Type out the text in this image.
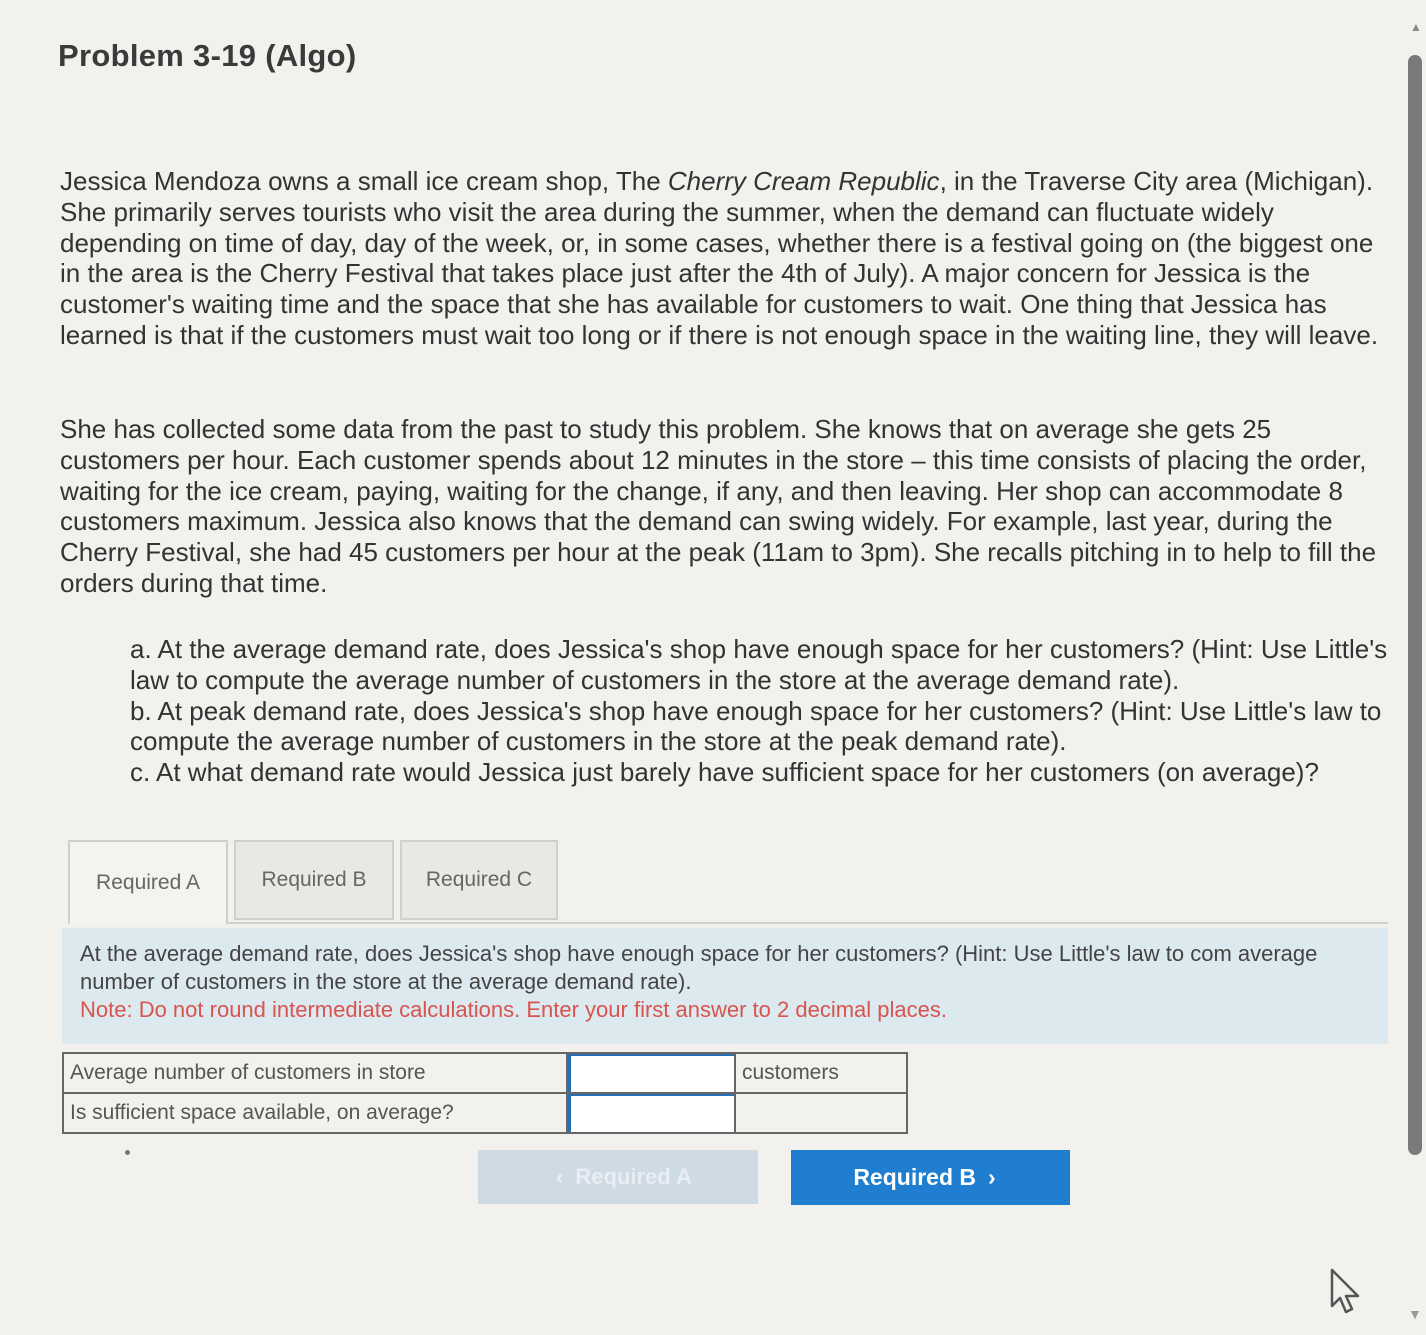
Problem 3-19 (Algo)
Jessica Mendoza owns a small ice cream shop, The Cherry Cream Republic, in the Traverse City area (Michigan). She primarily serves tourists who visit the area during the summer, when the demand can fluctuate widely depending on time of day, day of the week, or, in some cases, whether there is a festival going on (the biggest one in the area is the Cherry Festival that takes place just after the 4th of July). A major concern for Jessica is the customer's waiting time and the space that she has available for customers to wait. One thing that Jessica has learned is that if the customers must wait too long or if there is not enough space in the waiting line, they will leave.
She has collected some data from the past to study this problem. She knows that on average she gets 25 customers per hour. Each customer spends about 12 minutes in the store – this time consists of placing the order, waiting for the ice cream, paying, waiting for the change, if any, and then leaving. Her shop can accommodate 8 customers maximum. Jessica also knows that the demand can swing widely. For example, last year, during the Cherry Festival, she had 45 customers per hour at the peak (11am to 3pm). She recalls pitching in to help to fill the orders during that time.
a. At the average demand rate, does Jessica's shop have enough space for her customers? (Hint: Use Little's law to compute the average number of customers in the store at the average demand rate).
b. At peak demand rate, does Jessica's shop have enough space for her customers? (Hint: Use Little's law to compute the average number of customers in the store at the peak demand rate).
c. At what demand rate would Jessica just barely have sufficient space for her customers (on average)?
Required A	Required B	Required C
At the average demand rate, does Jessica's shop have enough space for her customers? (Hint: Use Little's law to com average number of customers in the store at the average demand rate).
Note: Do not round intermediate calculations. Enter your first answer to 2 decimal places.
Average number of customers in store		customers
Is sufficient space available, on average?	

‹ Required A	Required B ›
▲
▼
